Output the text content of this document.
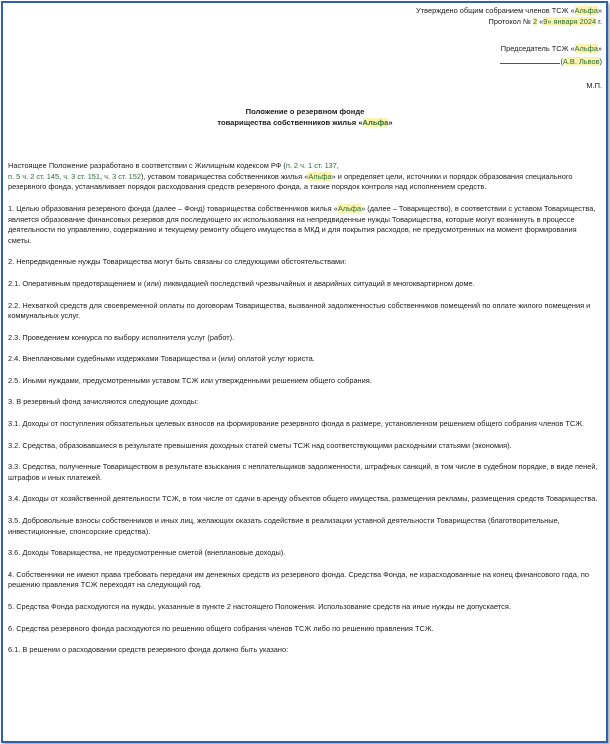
Утверждено общим собранием членов ТСЖ «Альфа»

Протокол № 2 «9» января 2024 г.

Председатель ТСЖ «Альфа»

(А.В. Львов)

М.П.

Положение о резервном фонде

товарищества собственников жилья «Альфа»

Настоящее Положение разработано в соответствии с Жилищным кодексом РФ (п. 2 ч. 1 ст. 137,
п. 5 ч. 2 ст. 145, ч. 3 ст. 151, ч. 3 ст. 152), уставом товарищества собственников жилья «Альфа» и определяет цели, источники и порядок образования специального резервного фонда, устанавливает порядок расходования средств резервного фонда, а также порядок контроля над исполнением средств.

1. Целью образования резервного фонда (далее – Фонд) товарищества собственников жилья «Альфа» (далее – Товарищество), в соответствии с уставом Товарищества, является образование финансовых резервов для последующего их использования на непредвиденные нужды Товарищества, которые могут возникнуть в процессе деятельности по управлению, содержанию и текущему ремонту общего имущества в МКД и для покрытия расходов, не предусмотренных на момент формирования сметы.

2. Непредвиденные нужды Товарищества могут быть связаны со следующими обстоятельствами:

2.1. Оперативным предотвращением и (или) ликвидацией последствий чрезвычайных и аварийных ситуаций в многоквартирном доме.

2.2. Нехваткой средств для своевременной оплаты по договорам Товарищества, вызванной задолженностью собственников помещений по оплате жилого помещения и коммунальных услуг.

2.3. Проведением конкурса по выбору исполнителя услуг (работ).

2.4. Внеплановыми судебными издержками Товарищества и (или) оплатой услуг юриста.

2.5. Иными нуждами, предусмотренными уставом ТСЖ или утвержденными решением общего собрания.

3. В резервный фонд зачисляются следующие доходы:

3.1. Доходы от поступления обязательных целевых взносов на формирование резервного фонда в размере, установленном решением общего собрания членов ТСЖ.

3.2. Средства, образовавшиеся в результате превышения доходных статей сметы ТСЖ над соответствующими расходными статьями (экономия).

3.3. Средства, полученные Товариществом в результате взыскания с неплательщиков задолженности, штрафных санкций, в том числе в судебном порядке, в виде пеней, штрафов и иных платежей.

3.4. Доходы от хозяйственной деятельности ТСЖ, в том числе от сдачи в аренду объектов общего имущества, размещения рекламы, размещения средств Товарищества.

3.5. Добровольные взносы собственников и иных лиц, желающих оказать содействие в реализации уставной деятельности Товарищества (благотворительные, инвестиционные, спонсорские средства).

3.6. Доходы Товарищества, не предусмотренные сметой (внеплановые доходы).

4. Собственники не имеют права требовать передачи им денежных средств из резервного фонда. Средства Фонда, не израсходованные на конец финансового года, по решению правления ТСЖ переходят на следующий год.

5. Средства Фонда расходуются на нужды, указанные в пункте 2 настоящего Положения. Использование средств на иные нужды не допускается.

6. Средства резервного фонда расходуются по решению общего собрания членов ТСЖ либо по решению правления ТСЖ.

6.1. В решении о расходовании средств резервного фонда должно быть указано:
